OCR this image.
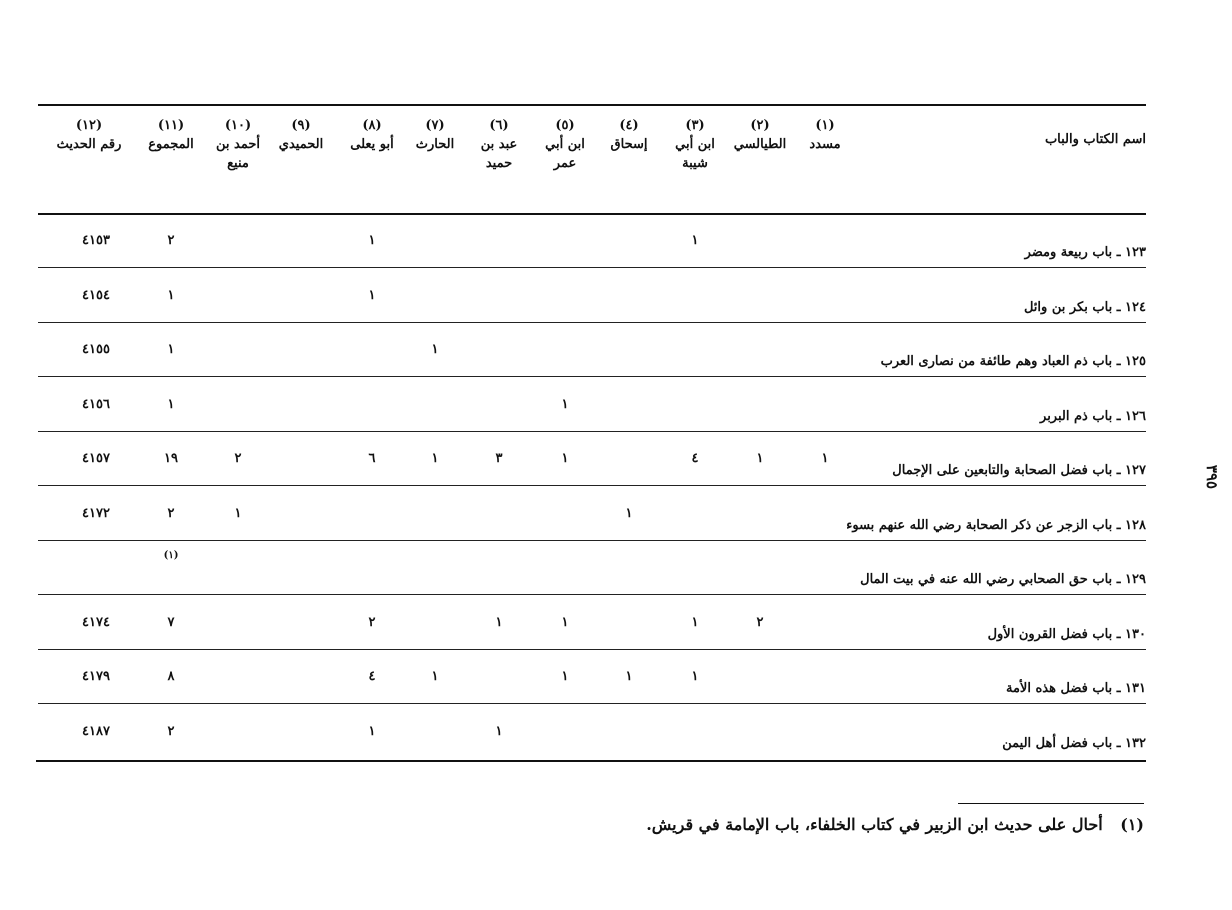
اسم الكتاب والباب
(١)
مسدد
(٢)
الطيالسي
(٣)
ابن أبي
شيبة
(٤)
إسحاق
(٥)
ابن أبي
عمر
(٦)
عبد بن
حميد
(٧)
الحارث
(٨)
أبو يعلى
(٩)
الحميدي
(١٠)
أحمد بن
منيع
(١١)
المجموع
(١٢)
رقم الحديث
١٢٣ ـ باب ربيعة ومضر
١
١
٢
٤١٥٣
١٢٤ ـ باب بكر بن وائل
١
١
٤١٥٤
١٢٥ ـ باب ذم العباد وهم طائفة من نصارى العرب
١
١
٤١٥٥
١٢٦ ـ باب ذم البربر
١
١
٤١٥٦
١٢٧ ـ باب فضل الصحابة والتابعين على الإجمال
١
١
٤
١
٣
١
٦
٢
١٩
٤١٥٧
١٢٨ ـ باب الزجر عن ذكر الصحابة رضي الله عنهم بسوء
١
١
٢
٤١٧٢
١٢٩ ـ باب حق الصحابي رضي الله عنه في بيت المال
(١)
١٣٠ ـ باب فضل القرون الأول
٢
١
١
١
٢
٧
٤١٧٤
١٣١ ـ باب فضل هذه الأمة
١
١
١
١
٤
٨
٤١٧٩
١٣٢ ـ باب فضل أهل اليمن
١
١
٢
٤١٨٧
٣٩٥
(١) أحال على حديث ابن الزبير في كتاب الخلفاء، باب الإمامة في قريش.
